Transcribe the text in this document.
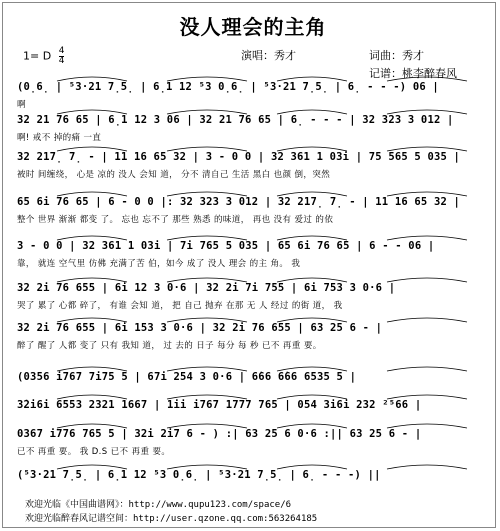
没人理会的主角
1= D $\frac{4}{4}$	演唱：秀才	词曲：秀才
记谱：桃李醉春风
(0̣6̣ | ⁵3·21 7̣5̣ | 6̣1 12 ⁵3 0̣6̣ | ⁵3·21 7̣5̣ | 6̣ - - -) 06 |
啊
32 21 76 65 | 6̣1 12 3 06 | 32 21 76 65 | 6̣ - - - | 32 323 3 012 |
啊! 戒不 掉的痛 一直
32 217̣ 7̣ - | 11 16 65 32 | 3 - 0 0 | 32 361 1 03i | 75 565 5 035 |
被时 间缠绕， 心是 凉的 没人 会知 道， 分不 清自己 生活 黑白 也颜 倒，突然
65 6i 76 65 | 6 - 0 0 |: 32 323 3 012 | 32 217̣ 7̣ - | 11 16 65 32 |
整个 世界 渐渐 都变 了。 忘也 忘不了 那些 熟悉 的味道， 再也 没有 爱过 的依
3 - 0 0 | 32 361 1 03i | 7i 765 5 035 | 65 6i 76 65 | 6 - - 06 |
靠， 就连 空气里 仿佛 充满了苦 伯，如今 成了 没人 理会 的主 角。 我
32 2i 76 655 | 6i 12 3 0·6 | 32 2i 7i 755 | 6i 753 3 0·6 |
哭了 累了 心都 碎了， 有谁 会知 道， 把 自己 抛弃 在那 无 人 经过 的街 道， 我
32 2i 76 655 | 6i 153 3 0·6 | 32 2i 76 655 | 63 25 6 - |
醉了 醒了 人都 变了 只有 我知 道， 过 去的 日子 每分 每 秒 已不 再重 要。
(0356 i767 7i75 5 | 67i 254 3 0·6 | 6̇66 6̇66 6535 5 |
3̇2i6i 6553 2321 1667 | 1ii i767 1777 765 | 054 3i6i 232 ²⁵66 |
0367 i776 765 5 | 32i 2i7 6 - ) :| 63 25 6 0·6 :|| 63 25 6 - |
已不 再重 要。 我 D.S 已不 再重 要。
(⁵3·21 7̣5̣ | 6̣1 12 ⁵3 0̣6̣ | ⁵3·21 7̣5̣ | 6̣ - - -) ||
欢迎光临《中国曲谱网》：http://www.qupu123.com/space/6
欢迎光临醉春风记谱空间：http://user.qzone.qq.com:563264185
